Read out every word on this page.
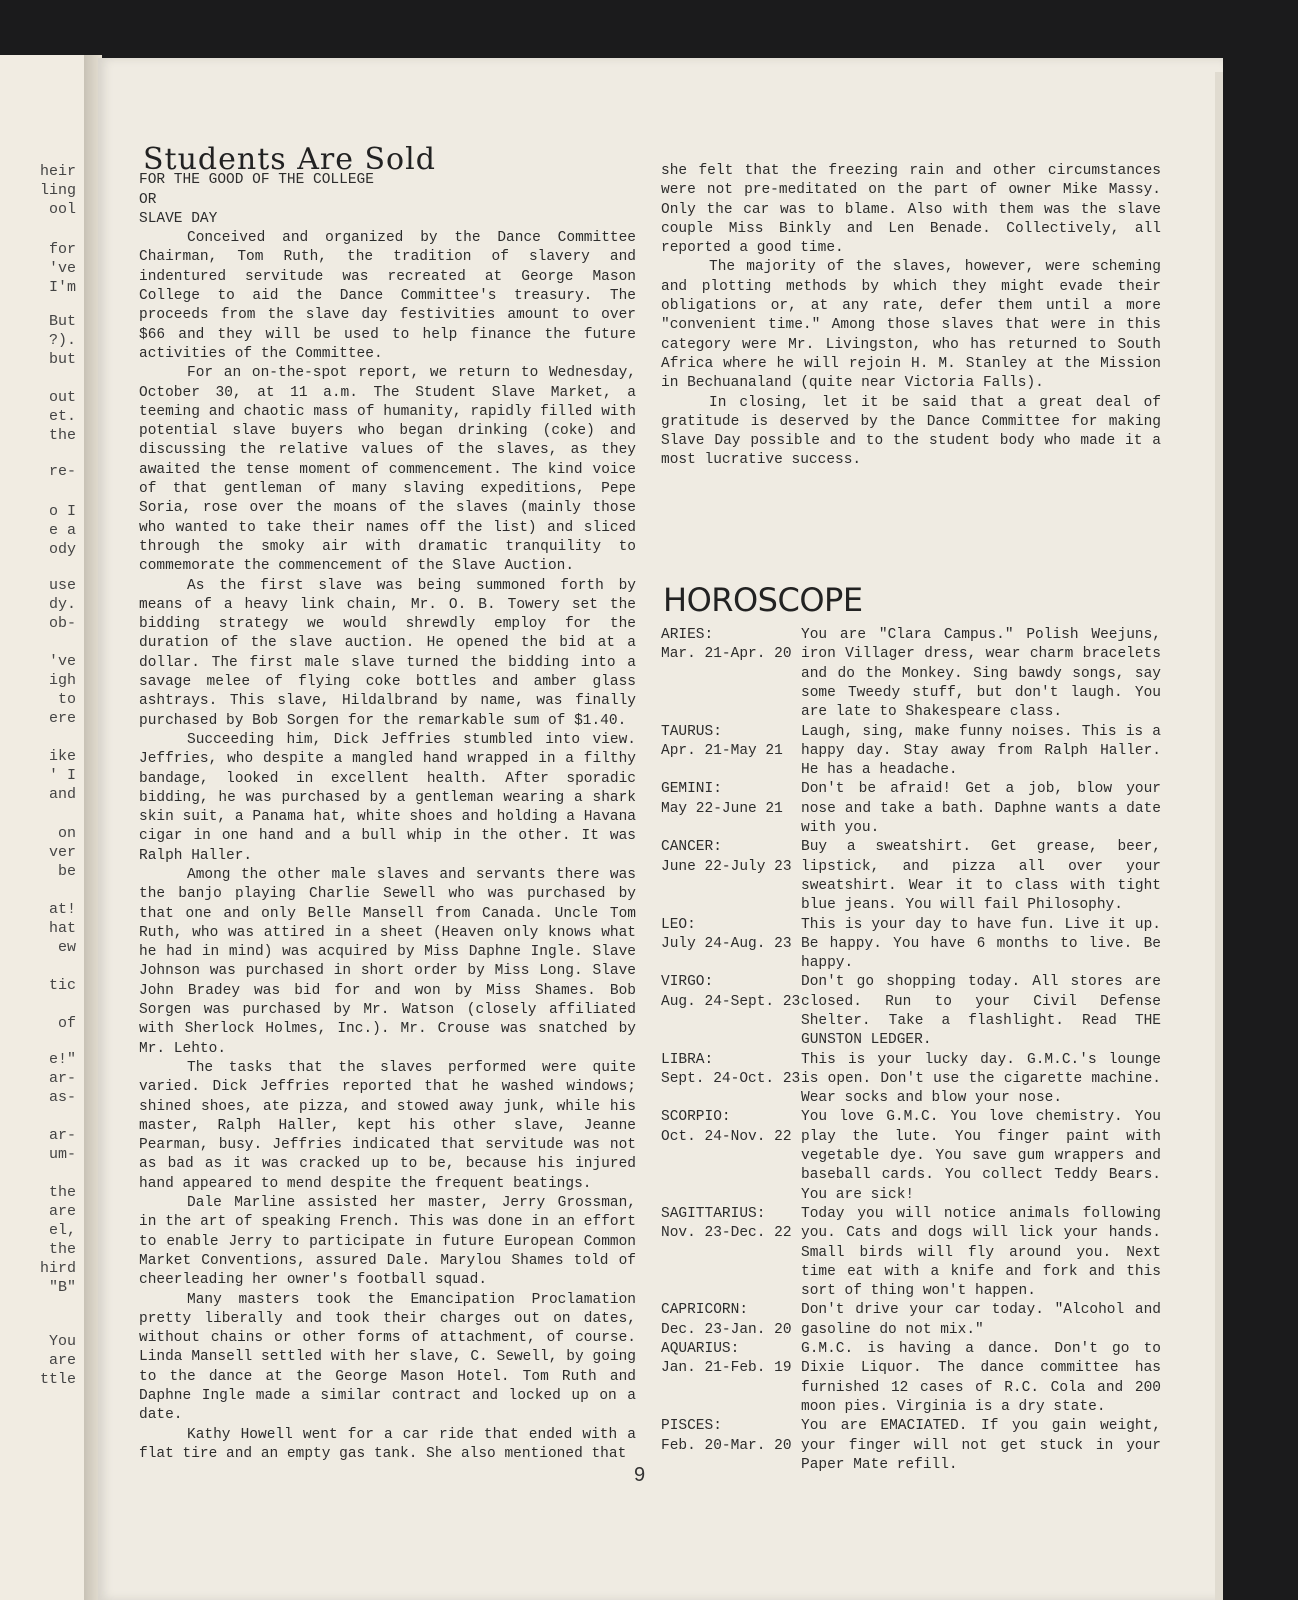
heir
ling
ool
for
've
I'm
But
?).
but
out
et.
the
re-
o I
e a
ody
use
dy.
ob-
've
igh
to
ere
ike
' I
and
on
ver
be
at!
hat
ew
tic
of
e!"
ar-
as-
ar-
um-
the
are
el,
the
hird
"B"
You
are
ttle
Students Are Sold

FOR THE GOOD OF THE COLLEGE

OR

SLAVE DAY

Conceived and organized by the Dance Committee Chairman, Tom Ruth, the tradition of slavery and indentured servitude was recreated at George Mason College to aid the Dance Committee's treasury. The proceeds from the slave day festivities amount to over $66 and they will be used to help finance the future activities of the Committee.

For an on-the-spot report, we return to Wednesday, October 30, at 11 a.m. The Student Slave Market, a teeming and chaotic mass of humanity, rapidly filled with potential slave buyers who began drinking (coke) and discussing the relative values of the slaves, as they awaited the tense moment of commencement. The kind voice of that gentleman of many slaving expeditions, Pepe Soria, rose over the moans of the slaves (mainly those who wanted to take their names off the list) and sliced through the smoky air with dramatic tranquility to commemorate the commencement of the Slave Auction.

As the first slave was being summoned forth by means of a heavy link chain, Mr. O. B. Towery set the bidding strategy we would shrewdly employ for the duration of the slave auction. He opened the bid at a dollar. The first male slave turned the bidding into a savage melee of flying coke bottles and amber glass ashtrays. This slave, Hildalbrand by name, was finally purchased by Bob Sorgen for the remarkable sum of $1.40.

Succeeding him, Dick Jeffries stumbled into view. Jeffries, who despite a mangled hand wrapped in a filthy bandage, looked in excellent health. After sporadic bidding, he was purchased by a gentleman wearing a shark skin suit, a Panama hat, white shoes and holding a Havana cigar in one hand and a bull whip in the other. It was Ralph Haller.

Among the other male slaves and servants there was the banjo playing Charlie Sewell who was purchased by that one and only Belle Mansell from Canada. Uncle Tom Ruth, who was attired in a sheet (Heaven only knows what he had in mind) was acquired by Miss Daphne Ingle. Slave Johnson was purchased in short order by Miss Long. Slave John Bradey was bid for and won by Miss Shames. Bob Sorgen was purchased by Mr. Watson (closely affiliated with Sherlock Holmes, Inc.). Mr. Crouse was snatched by Mr. Lehto.

The tasks that the slaves performed were quite varied. Dick Jeffries reported that he washed windows; shined shoes, ate pizza, and stowed away junk, while his master, Ralph Haller, kept his other slave, Jeanne Pearman, busy. Jeffries indicated that servitude was not as bad as it was cracked up to be, because his injured hand appeared to mend despite the frequent beatings.

Dale Marline assisted her master, Jerry Grossman, in the art of speaking French. This was done in an effort to enable Jerry to participate in future European Common Market Conventions, assured Dale. Marylou Shames told of cheerleading her owner's football squad.

Many masters took the Emancipation Proclamation pretty liberally and took their charges out on dates, without chains or other forms of attachment, of course. Linda Mansell settled with her slave, C. Sewell, by going to the dance at the George Mason Hotel. Tom Ruth and Daphne Ingle made a similar contract and locked up on a date.

Kathy Howell went for a car ride that ended with a flat tire and an empty gas tank. She also mentioned that

she felt that the freezing rain and other circumstances were not pre-meditated on the part of owner Mike Massy. Only the car was to blame. Also with them was the slave couple Miss Binkly and Len Benade. Collectively, all reported a good time.

The majority of the slaves, however, were scheming and plotting methods by which they might evade their obligations or, at any rate, defer them until a more "convenient time." Among those slaves that were in this category were Mr. Livingston, who has returned to South Africa where he will rejoin H. M. Stanley at the Mission in Bechuanaland (quite near Victoria Falls).

In closing, let it be said that a great deal of gratitude is deserved by the Dance Committee for making Slave Day possible and to the student body who made it a most lucrative success.

HOROSCOPE
ARIES:
Mar. 21-Apr. 20
You are "Clara Campus." Polish Weejuns, iron Villager dress, wear charm bracelets and do the Monkey. Sing bawdy songs, say some Tweedy stuff, but don't laugh. You are late to Shakespeare class.
TAURUS:
Apr. 21-May 21
Laugh, sing, make funny noises. This is a happy day. Stay away from Ralph Haller. He has a headache.
GEMINI:
May 22-June 21
Don't be afraid! Get a job, blow your nose and take a bath. Daphne wants a date with you.
CANCER:
June 22-July 23
Buy a sweatshirt. Get grease, beer, lipstick, and pizza all over your sweatshirt. Wear it to class with tight blue jeans. You will fail Philosophy.
LEO:
July 24-Aug. 23
This is your day to have fun. Live it up. Be happy. You have 6 months to live. Be happy.
VIRGO:
Aug. 24-Sept. 23
Don't go shopping today. All stores are closed. Run to your Civil Defense Shelter. Take a flashlight. Read THE GUNSTON LEDGER.
LIBRA:
Sept. 24-Oct. 23
This is your lucky day. G.M.C.'s lounge is open. Don't use the cigarette machine. Wear socks and blow your nose.
SCORPIO:
Oct. 24-Nov. 22
You love G.M.C. You love chemistry. You play the lute. You finger paint with vegetable dye. You save gum wrappers and baseball cards. You collect Teddy Bears. You are sick!
SAGITTARIUS:
Nov. 23-Dec. 22
Today you will notice animals following you. Cats and dogs will lick your hands. Small birds will fly around you. Next time eat with a knife and fork and this sort of thing won't happen.
CAPRICORN:
Dec. 23-Jan. 20
Don't drive your car today. "Alcohol and gasoline do not mix."
AQUARIUS:
Jan. 21-Feb. 19
G.M.C. is having a dance. Don't go to Dixie Liquor. The dance committee has furnished 12 cases of R.C. Cola and 200 moon pies. Virginia is a dry state.
PISCES:
Feb. 20-Mar. 20
You are EMACIATED. If you gain weight, your finger will not get stuck in your Paper Mate refill.
9
